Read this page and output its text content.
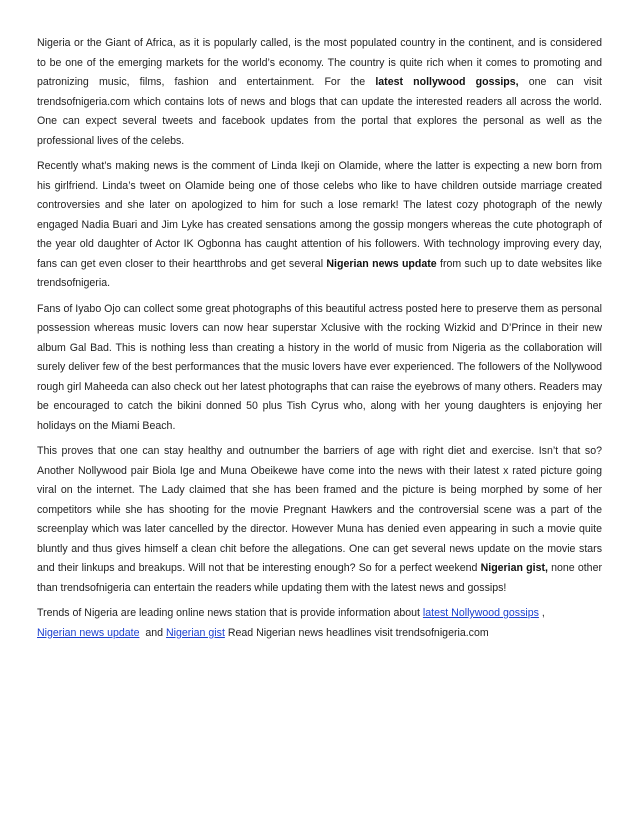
Nigeria or the Giant of Africa, as it is popularly called, is the most populated country in the continent, and is considered to be one of the emerging markets for the world’s economy. The country is quite rich when it comes to promoting and patronizing music, films, fashion and entertainment. For the latest nollywood gossips, one can visit trendsofnigeria.com which contains lots of news and blogs that can update the interested readers all across the world. One can expect several tweets and facebook updates from the portal that explores the personal as well as the professional lives of the celebs.

Recently what’s making news is the comment of Linda Ikeji on Olamide, where the latter is expecting a new born from his girlfriend. Linda’s tweet on Olamide being one of those celebs who like to have children outside marriage created controversies and she later on apologized to him for such a lose remark! The latest cozy photograph of the newly engaged Nadia Buari and Jim Lyke has created sensations among the gossip mongers whereas the cute photograph of the year old daughter of Actor IK Ogbonna has caught attention of his followers. With technology improving every day, fans can get even closer to their heartthrobs and get several Nigerian news update from such up to date websites like trendsofnigeria.

Fans of Iyabo Ojo can collect some great photographs of this beautiful actress posted here to preserve them as personal possession whereas music lovers can now hear superstar Xclusive with the rocking Wizkid and D’Prince in their new album Gal Bad. This is nothing less than creating a history in the world of music from Nigeria as the collaboration will surely deliver few of the best performances that the music lovers have ever experienced. The followers of the Nollywood rough girl Maheeda can also check out her latest photographs that can raise the eyebrows of many others. Readers may be encouraged to catch the bikini donned 50 plus Tish Cyrus who, along with her young daughters is enjoying her holidays on the Miami Beach.

This proves that one can stay healthy and outnumber the barriers of age with right diet and exercise. Isn’t that so? Another Nollywood pair Biola Ige and Muna Obeikewe have come into the news with their latest x rated picture going viral on the internet. The Lady claimed that she has been framed and the picture is being morphed by some of her competitors while she has shooting for the movie Pregnant Hawkers and the controversial scene was a part of the screenplay which was later cancelled by the director. However Muna has denied even appearing in such a movie quite bluntly and thus gives himself a clean chit before the allegations. One can get several news update on the movie stars and their linkups and breakups. Will not that be interesting enough? So for a perfect weekend Nigerian gist, none other than trendsofnigeria can entertain the readers while updating them with the latest news and gossips!

Trends of Nigeria are leading online news station that is provide information about latest Nollywood gossips ,
Nigerian news update  and Nigerian gist Read Nigerian news headlines visit trendsofnigeria.com
